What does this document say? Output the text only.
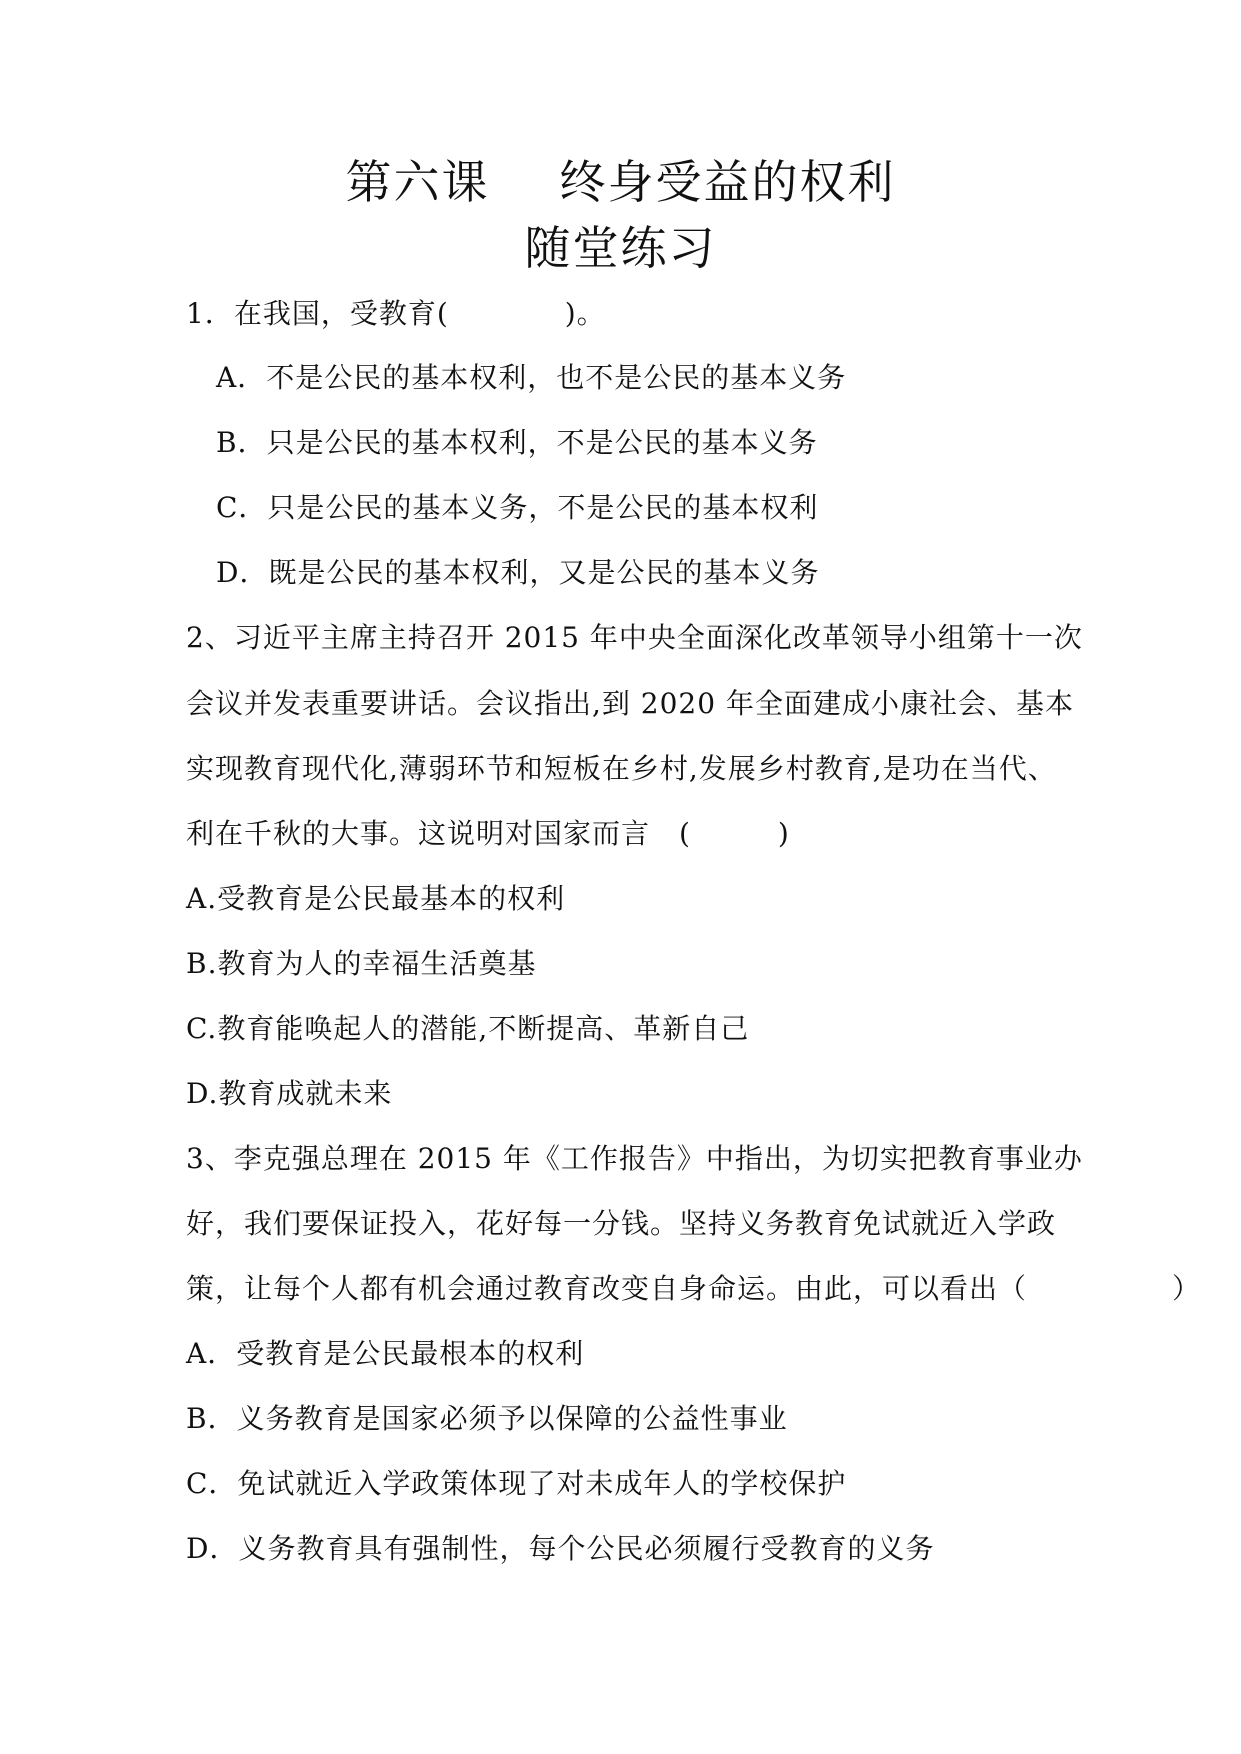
第六课 终身受益的权利
随堂练习
1．在我国，受教育(　　　　)。
A．不是公民的基本权利，也不是公民的基本义务
B．只是公民的基本权利，不是公民的基本义务
C．只是公民的基本义务，不是公民的基本权利
D．既是公民的基本权利，又是公民的基本义务
2、习近平主席主持召开 2015 年中央全面深化改革领导小组第十一次
会议并发表重要讲话。会议指出,到 2020 年全面建成小康社会、基本
实现教育现代化,薄弱环节和短板在乡村,发展乡村教育,是功在当代、
利在千秋的大事。这说明对国家而言　(　　　)
A.受教育是公民最基本的权利
B.教育为人的幸福生活奠基
C.教育能唤起人的潜能,不断提高、革新自己
D.教育成就未来
3、李克强总理在 2015 年《工作报告》中指出，为切实把教育事业办
好，我们要保证投入，花好每一分钱。坚持义务教育免试就近入学政
策，让每个人都有机会通过教育改变自身命运。由此，可以看出（　　　　　）
A．受教育是公民最根本的权利
B．义务教育是国家必须予以保障的公益性事业
C．免试就近入学政策体现了对未成年人的学校保护
D．义务教育具有强制性，每个公民必须履行受教育的义务
